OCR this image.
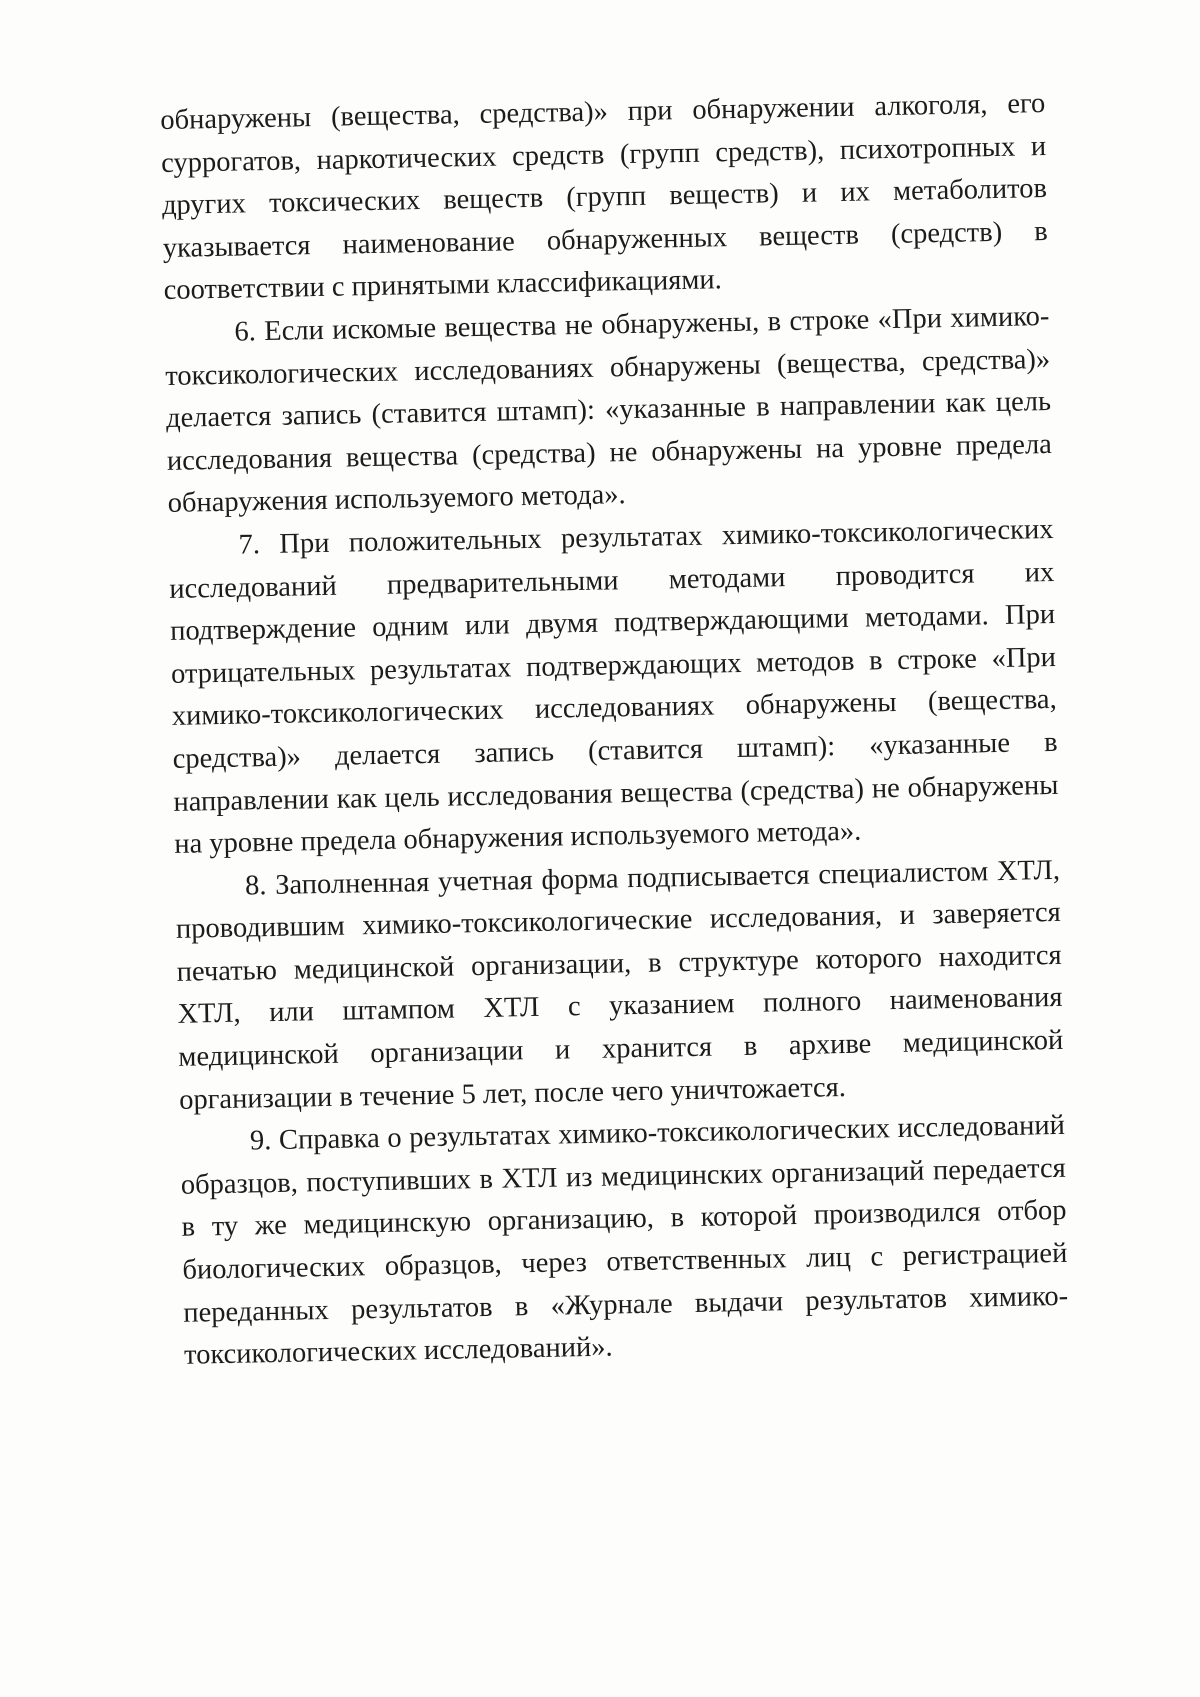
обнаружены (вещества, средства)» при обнаружении алкоголя, его суррогатов, наркотических средств (групп средств), психотропных и других токсических веществ (групп веществ) и их метаболитов указывается наименование обнаруженных веществ (средств) в соответствии с принятыми классификациями.

6. Если искомые вещества не обнаружены, в строке «При химико-токсикологических исследованиях обнаружены (вещества, средства)» делается запись (ставится штамп): «указанные в направлении как цель исследования вещества (средства) не обнаружены на уровне предела обнаружения используемого метода».

7. При положительных результатах химико-токсикологических исследований предварительными методами проводится их подтверждение одним или двумя подтверждающими методами. При отрицательных результатах подтверждающих методов в строке «При химико-токсикологических исследованиях обнаружены (вещества, средства)» делается запись (ставится штамп): «указанные в направлении как цель исследования вещества (средства) не обнаружены на уровне предела обнаружения используемого метода».

8. Заполненная учетная форма подписывается специалистом ХТЛ, проводившим химико-токсикологические исследования, и заверяется печатью медицинской организации, в структуре которого находится ХТЛ, или штампом ХТЛ с указанием полного наименования медицинской организации и хранится в архиве медицинской организации в течение 5 лет, после чего уничтожается.

9. Справка о результатах химико-токсикологических исследований образцов, поступивших в ХТЛ из медицинских организаций передается в ту же медицинскую организацию, в которой производился отбор биологических образцов, через ответственных лиц с регистрацией переданных результатов в «Журнале выдачи результатов химико-токсикологических исследований».
